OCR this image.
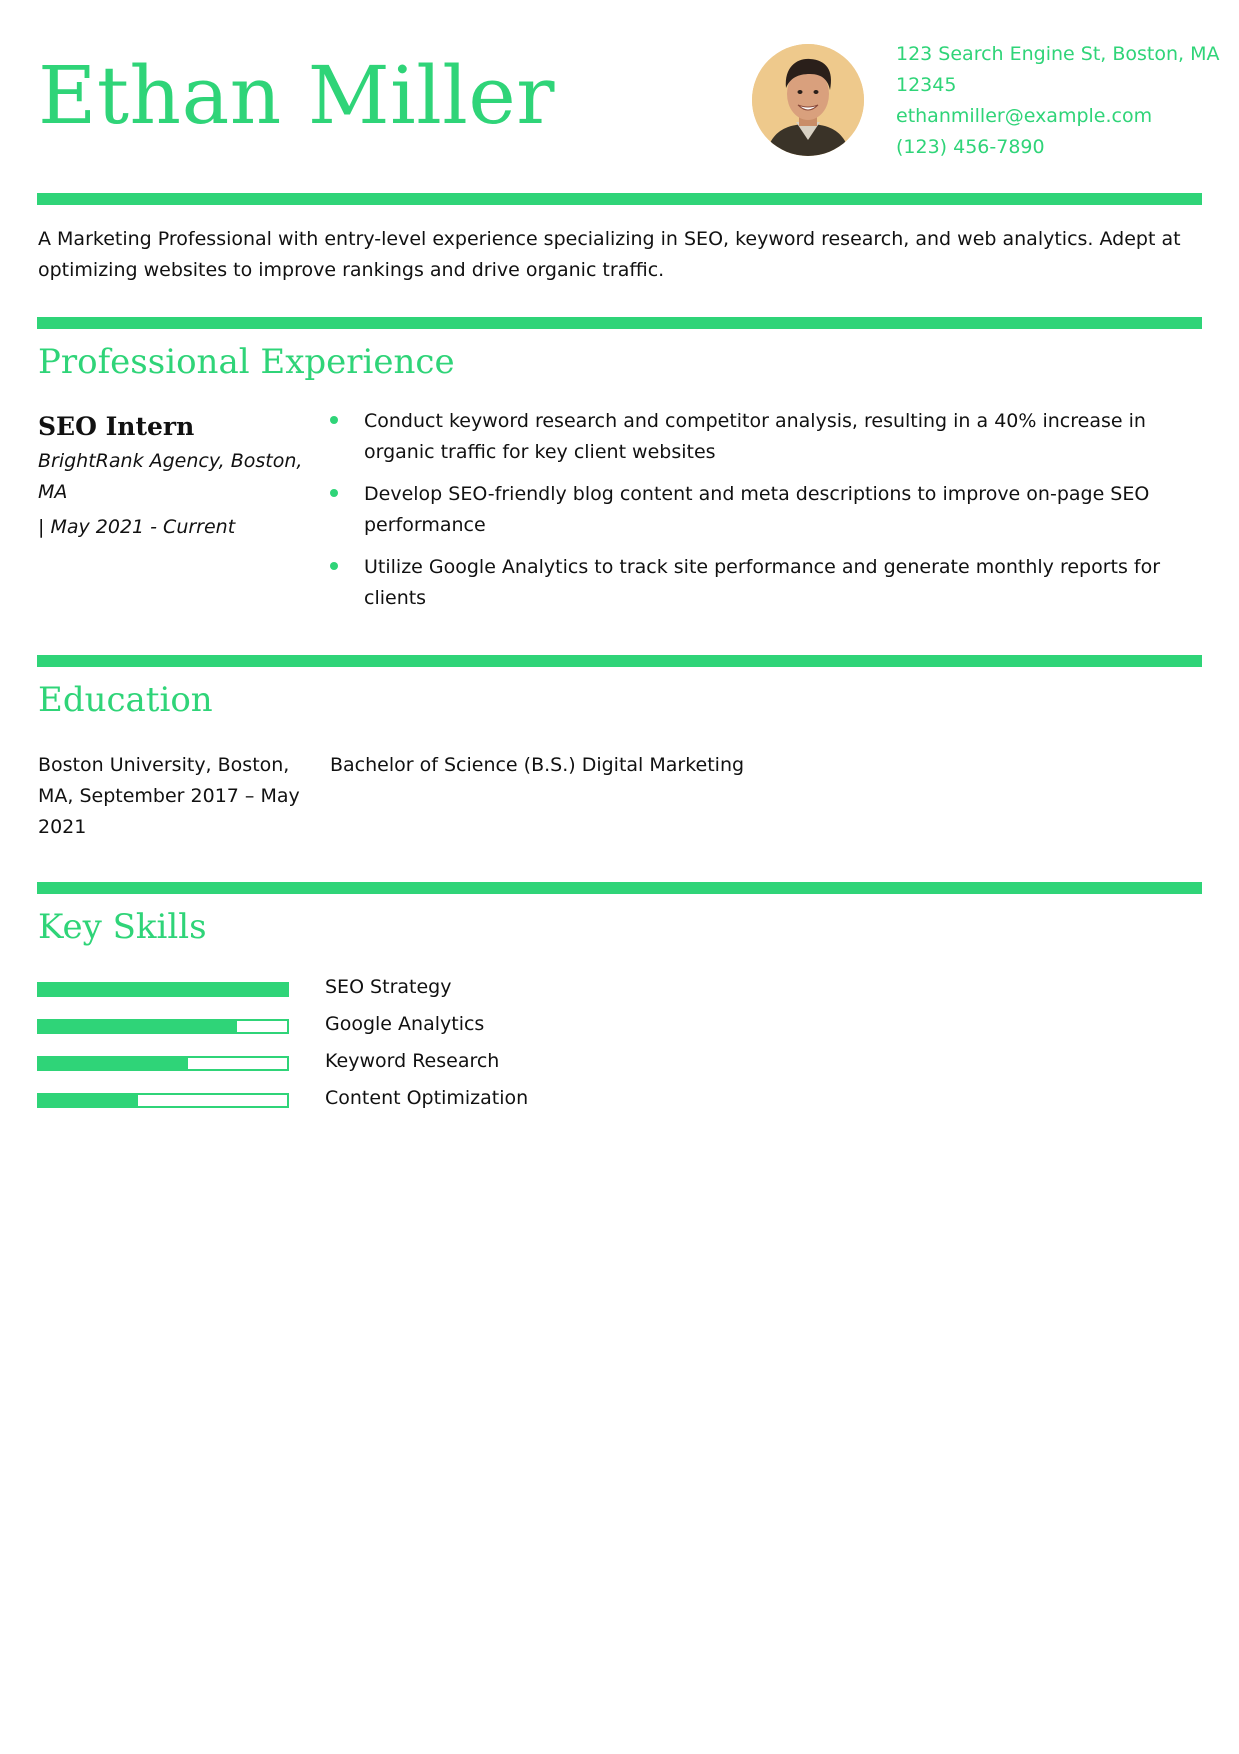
Ethan Miller	123 Search Engine St, Boston, MA 12345
ethanmiller@example.com
(123) 456-7890

A Marketing Professional with entry-level experience specializing in SEO, keyword research, and web analytics. Adept at optimizing websites to improve rankings and drive organic traffic.

Professional Experience
SEO Intern
BrightRank Agency, Boston, MA
| May 2021 - Current
Conduct keyword research and competitor analysis, resulting in a 40% increase in organic traffic for key client websites
Develop SEO-friendly blog content and meta descriptions to improve on-page SEO performance
Utilize Google Analytics to track site performance and generate monthly reports for clients
Education
Boston University, Boston, MA, September 2017 – May 2021
Bachelor of Science (B.S.) Digital Marketing
Key Skills
SEO Strategy
Google Analytics
Keyword Research
Content Optimization
